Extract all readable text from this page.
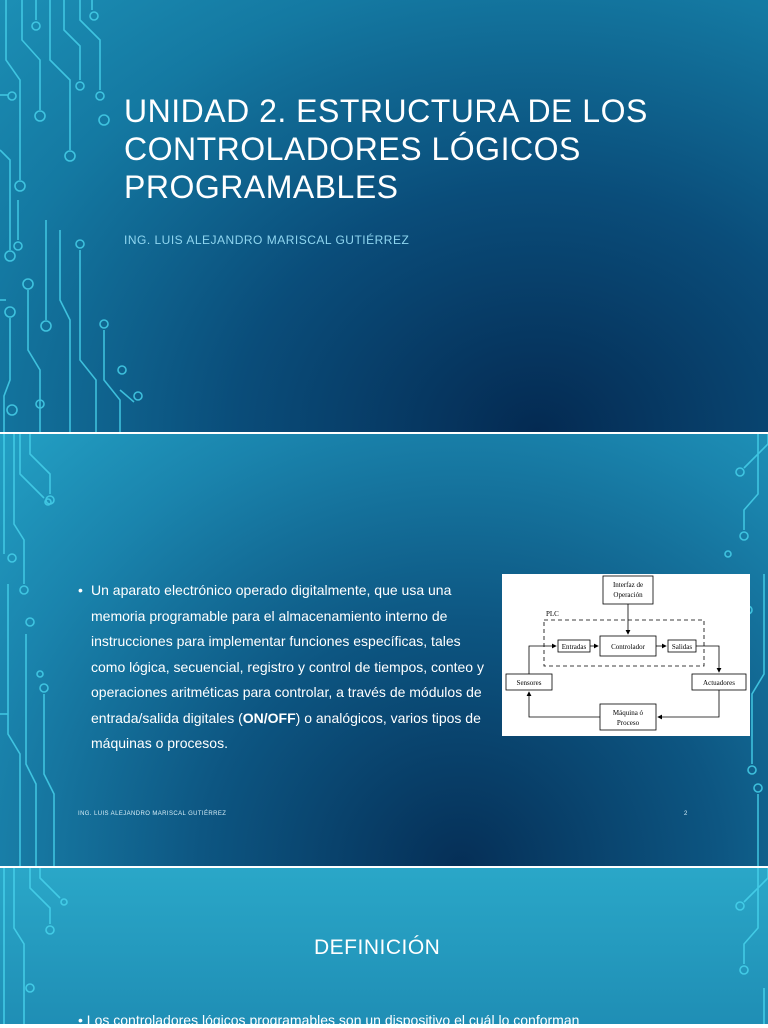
UNIDAD 2. ESTRUCTURA DE LOS CONTROLADORES LÓGICOS PROGRAMABLES
ING. LUIS ALEJANDRO MARISCAL GUTIÉRREZ
• Un aparato electrónico operado digitalmente, que usa una memoria programable para el almacenamiento interno de instrucciones para implementar funciones específicas, tales como lógica, secuencial, registro y control de tiempos, conteo y operaciones aritméticas para controlar, a través de módulos de entrada/salida digitales (ON/OFF) o analógicos, varios tipos de máquinas o procesos.
Interfaz de
Operación
PLC
Entradas	Controlador	Salidas
Sensores	Actuadores
Máquina ó
Proceso
ING. LUIS ALEJANDRO MARISCAL GUTIÉRREZ	2
DEFINICIÓN
• Los controladores lógicos programables son un dispositivo el cuál lo conforman
